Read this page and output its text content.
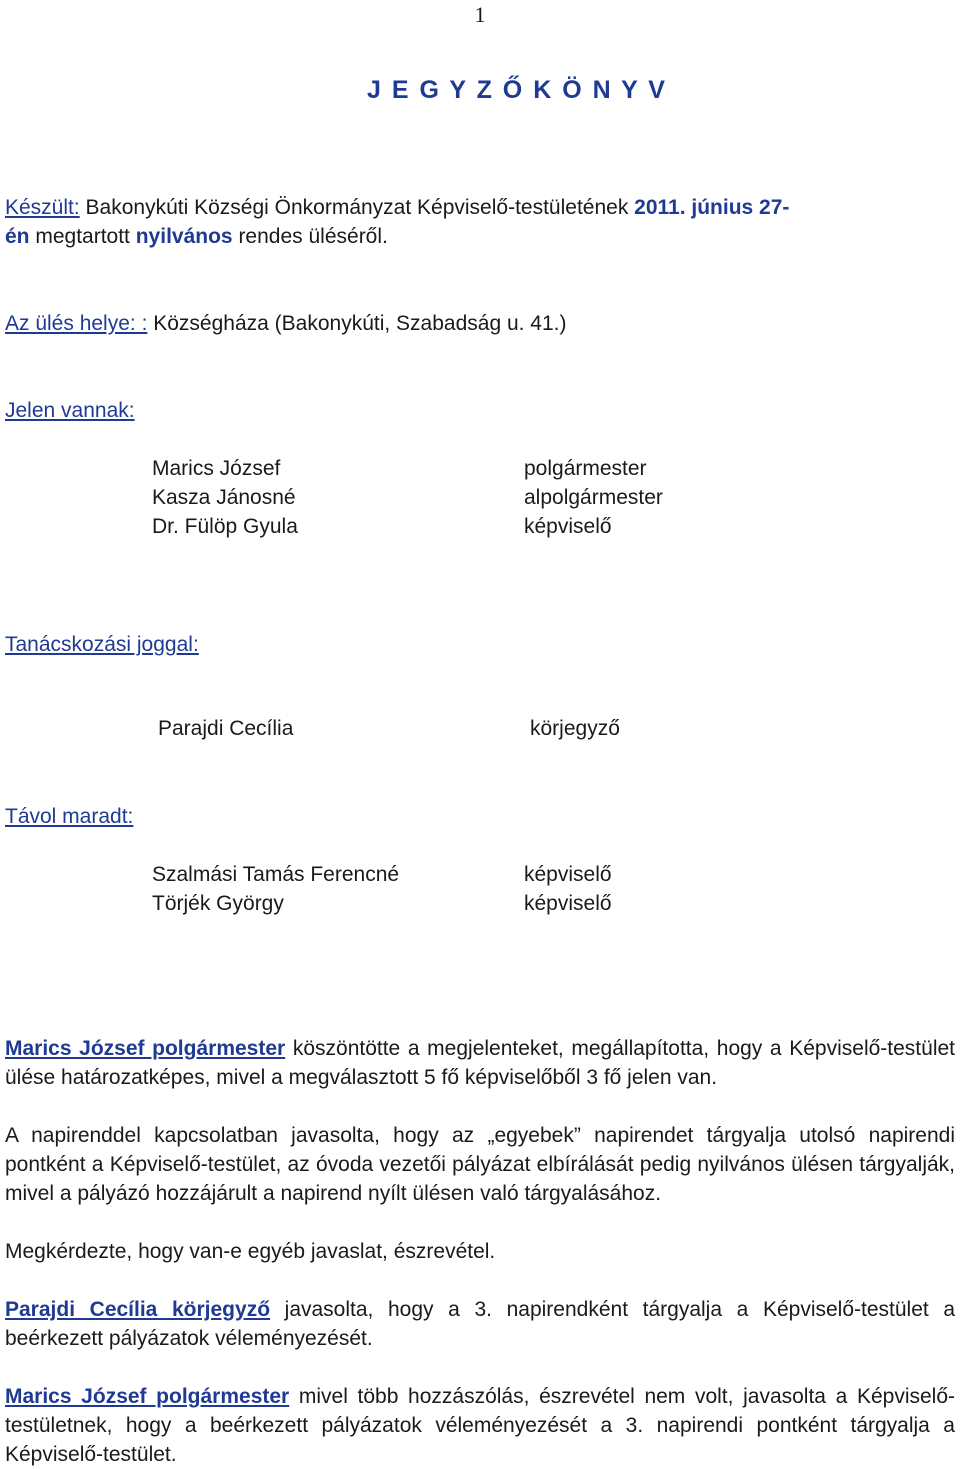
1
J E G Y Z Ő K Ö N Y V
Készült: Bakonykúti Községi Önkormányzat Képviselő-testületének 2011. június 27-
én megtartott nyilvános rendes üléséről.
Az ülés helye: : Községháza (Bakonykúti, Szabadság u. 41.)
Jelen vannak:
Marics József	polgármester
Kasza Jánosné	alpolgármester
Dr. Fülöp Gyula	képviselő
Tanácskozási joggal:
Parajdi Cecília	körjegyző
Távol maradt:
Szalmási Tamás Ferencné	képviselő
Törjék György	képviselő
Marics József polgármester köszöntötte a megjelenteket, megállapította, hogy a Képviselő-testület ülése határozatképes, mivel a megválasztott 5 fő képviselőből 3 fő jelen van.
A napirenddel kapcsolatban javasolta, hogy az „egyebek” napirendet tárgyalja utolsó napirendi pontként a Képviselő-testület, az óvoda vezetői pályázat elbírálását pedig nyilvános ülésen tárgyalják, mivel a pályázó hozzájárult a napirend nyílt ülésen való tárgyalásához.
Megkérdezte, hogy van-e egyéb javaslat, észrevétel.
Parajdi Cecília körjegyző javasolta, hogy a 3. napirendként tárgyalja a Képviselő-testület a beérkezett pályázatok véleményezését.
Marics József polgármester mivel több hozzászólás, észrevétel nem volt, javasolta a Képviselő-testületnek, hogy a beérkezett pályázatok véleményezését a 3. napirendi pontként tárgyalja a Képviselő-testület.
